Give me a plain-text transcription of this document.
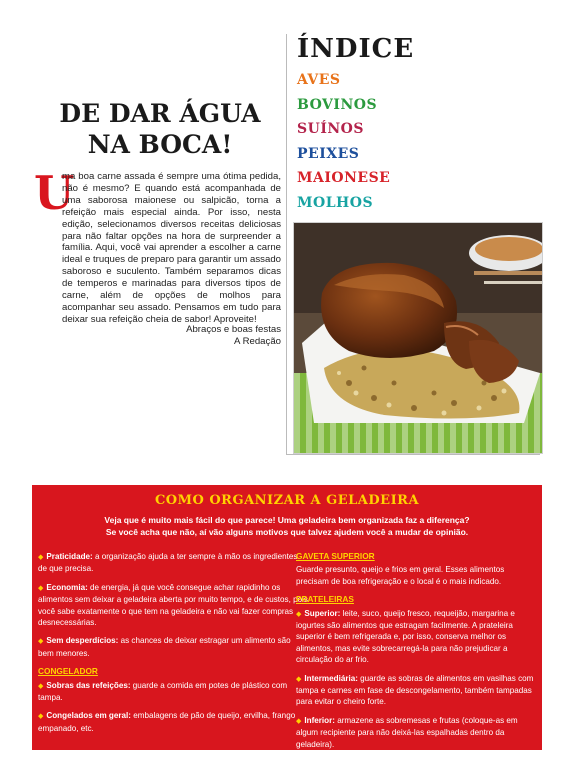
ÍNDICE
AVES
BOVINOS
SUÍNOS
PEIXES
MAIONESE
MOLHOS
DE DAR ÁGUA
NA BOCA!
U
ma boa carne assada é sempre uma ótima pedida, não é mesmo? E quando está acompanhada de uma saborosa maionese ou salpicão, torna a refeição mais especial ainda. Por isso, nesta edição, selecionamos diversos receitas deliciosas para não faltar opções na hora de surpreender a família. Aqui, você vai aprender a escolher a carne ideal e truques de preparo para garantir um assado saboroso e suculento. Também separamos dicas de temperos e marinadas para diversos tipos de carne, além de opções de molhos para acompanhar seu assado. Pensamos em tudo para deixar sua refeição cheia de sabor! Aproveite!
Abraços e boas festas
A Redação
COMO ORGANIZAR A GELADEIRA
Veja que é muito mais fácil do que parece! Uma geladeira bem organizada faz a diferença?
Se você acha que não, aí vão alguns motivos que talvez ajudem você a mudar de opinião.

◆ Praticidade: a organização ajuda a ter sempre à mão os ingredientes de que precisa.

◆ Economia: de energia, já que você consegue achar rapidinho os alimentos sem deixar a geladeira aberta por muito tempo, e de custos, pois você sabe exatamente o que tem na geladeira e não vai fazer compras desnecessárias.

◆ Sem desperdícios: as chances de deixar estragar um alimento são bem menores.

CONGELADOR

◆ Sobras das refeições: guarde a comida em potes de plástico com tampa.

◆ Congelados em geral: embalagens de pão de queijo, ervilha, frango empanado, etc.

GAVETA SUPERIOR

Guarde presunto, queijo e frios em geral. Esses alimentos precisam de boa refrigeração e o local é o mais indicado.

PRATELEIRAS

◆ Superior: leite, suco, queijo fresco, requeijão, margarina e iogurtes são alimentos que estragam facilmente. A prateleira superior é bem refrigerada e, por isso, conserva melhor os alimentos, mas evite sobrecarregá-la para não prejudicar a circulação do ar frio.

◆ Intermediária: guarde as sobras de alimentos em vasilhas com tampa e carnes em fase de descongelamento, também tampadas para evitar o cheiro forte.

◆ Inferior: armazene as sobremesas e frutas (coloque-as em algum recipiente para não deixá-las espalhadas dentro da geladeira).
